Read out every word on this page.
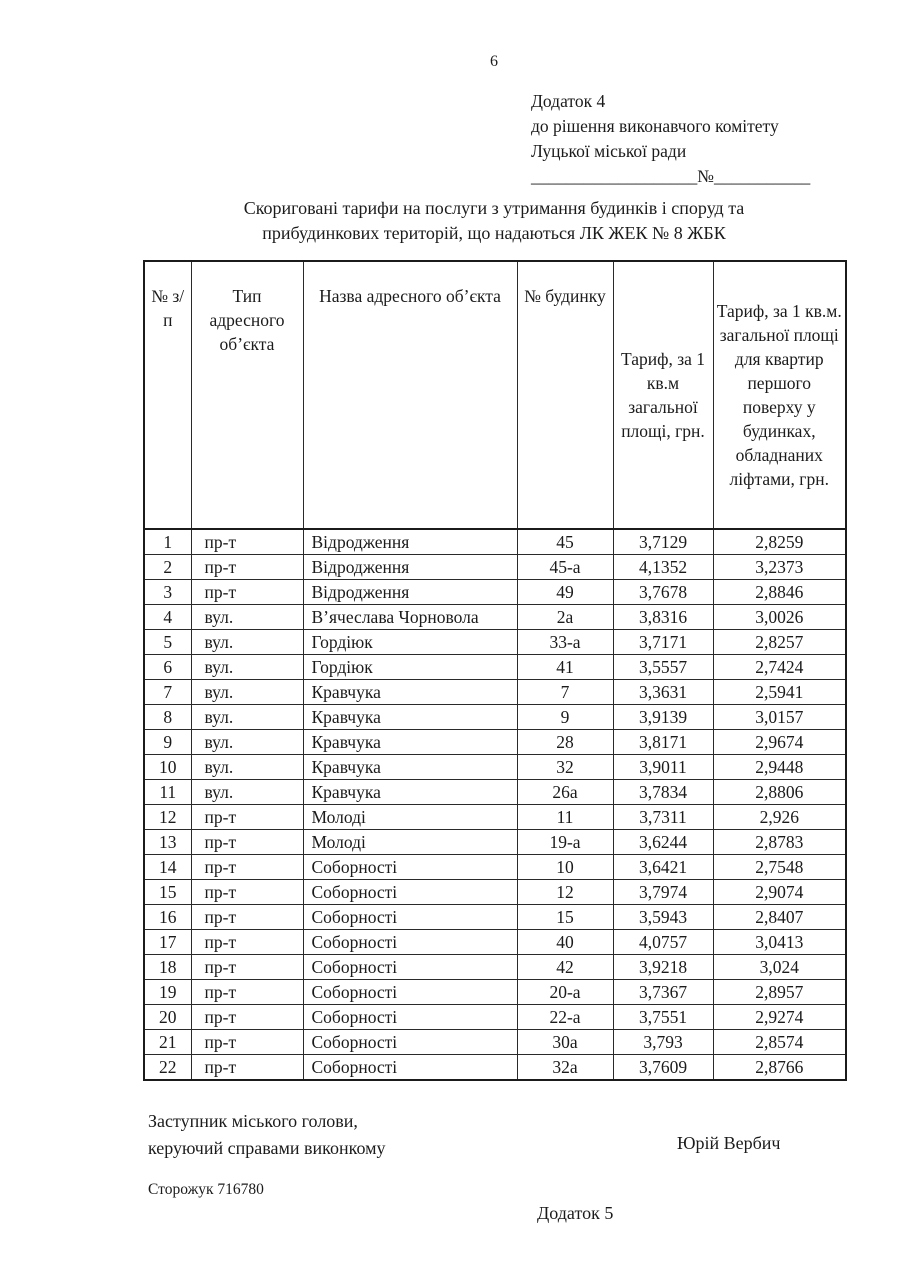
6
Додаток 4
до рішення виконавчого комітету
Луцької міської ради
___________________№___________
Скориговані тарифи на послуги з утримання будинків і споруд та
прибудинкових територій, що надаються ЛК ЖЕК № 8 ЖБК
№ з/п	Тип адресного об’єкта	Назва адресного об’єкта	№ будинку	Тариф, за 1 кв.м загальної площі, грн.	Тариф, за 1 кв.м. загальної площі для квартир першого поверху у будинках, обладнаних ліфтами, грн.
1	пр-т	Відродження	45	3,7129	2,8259
2	пр-т	Відродження	45-а	4,1352	3,2373
3	пр-т	Відродження	49	3,7678	2,8846
4	вул.	В’ячеслава Чорновола	2а	3,8316	3,0026
5	вул.	Гордіюк	33-а	3,7171	2,8257
6	вул.	Гордіюк	41	3,5557	2,7424
7	вул.	Кравчука	7	3,3631	2,5941
8	вул.	Кравчука	9	3,9139	3,0157
9	вул.	Кравчука	28	3,8171	2,9674
10	вул.	Кравчука	32	3,9011	2,9448
11	вул.	Кравчука	26а	3,7834	2,8806
12	пр-т	Молоді	11	3,7311	2,926
13	пр-т	Молоді	19-а	3,6244	2,8783
14	пр-т	Соборності	10	3,6421	2,7548
15	пр-т	Соборності	12	3,7974	2,9074
16	пр-т	Соборності	15	3,5943	2,8407
17	пр-т	Соборності	40	4,0757	3,0413
18	пр-т	Соборності	42	3,9218	3,024
19	пр-т	Соборності	20-а	3,7367	2,8957
20	пр-т	Соборності	22-а	3,7551	2,9274
21	пр-т	Соборності	30а	3,793	2,8574
22	пр-т	Соборності	32а	3,7609	2,8766
Заступник міського голови,
керуючий справами виконкому	Юрій Вербич
Сторожук 716780
Додаток 5
